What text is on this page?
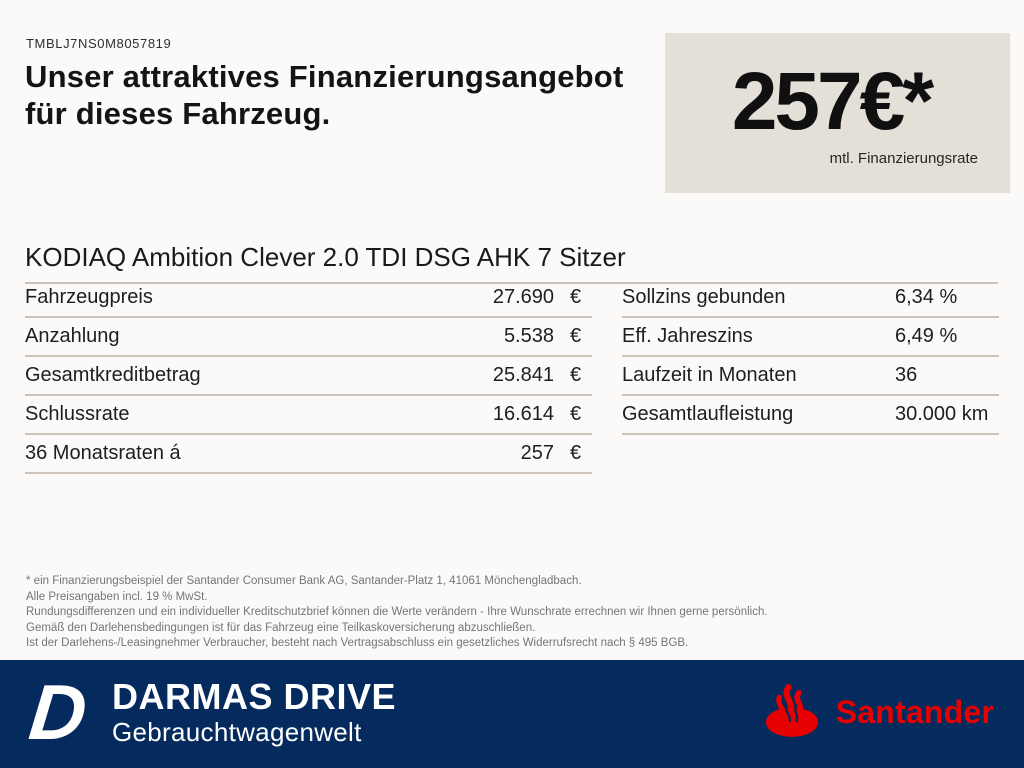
TMBLJ7NS0M8057819
Unser attraktives Finanzierungsangebot
für dieses Fahrzeug.	257€*
mtl. Finanzierungsrate
KODIAQ Ambition Clever 2.0 TDI DSG AHK 7 Sitzer
Fahrzeugpreis	27.690 €
Anzahlung	5.538 €
Gesamtkreditbetrag	25.841 €
Schlussrate	16.614 €
36 Monatsraten á	257 €
Sollzins gebunden	6,34 %
Eff. Jahreszins	6,49 %
Laufzeit in Monaten	36
Gesamtlaufleistung	30.000 km
* ein Finanzierungsbeispiel der Santander Consumer Bank AG, Santander-Platz 1, 41061 Mönchengladbach.
Alle Preisangaben incl. 19 % MwSt.
Rundungsdifferenzen und ein individueller Kreditschutzbrief können die Werte verändern - Ihre Wunschrate errechnen wir Ihnen gerne persönlich.
Gemäß den Darlehensbedingungen ist für das Fahrzeug eine Teilkaskoversicherung abzuschließen.
Ist der Darlehens-/Leasingnehmer Verbraucher, besteht nach Vertragsabschluss ein gesetzliches Widerrufsrecht nach § 495 BGB.
D DARMAS DRIVE
Gebrauchtwagenwelt
Santander
